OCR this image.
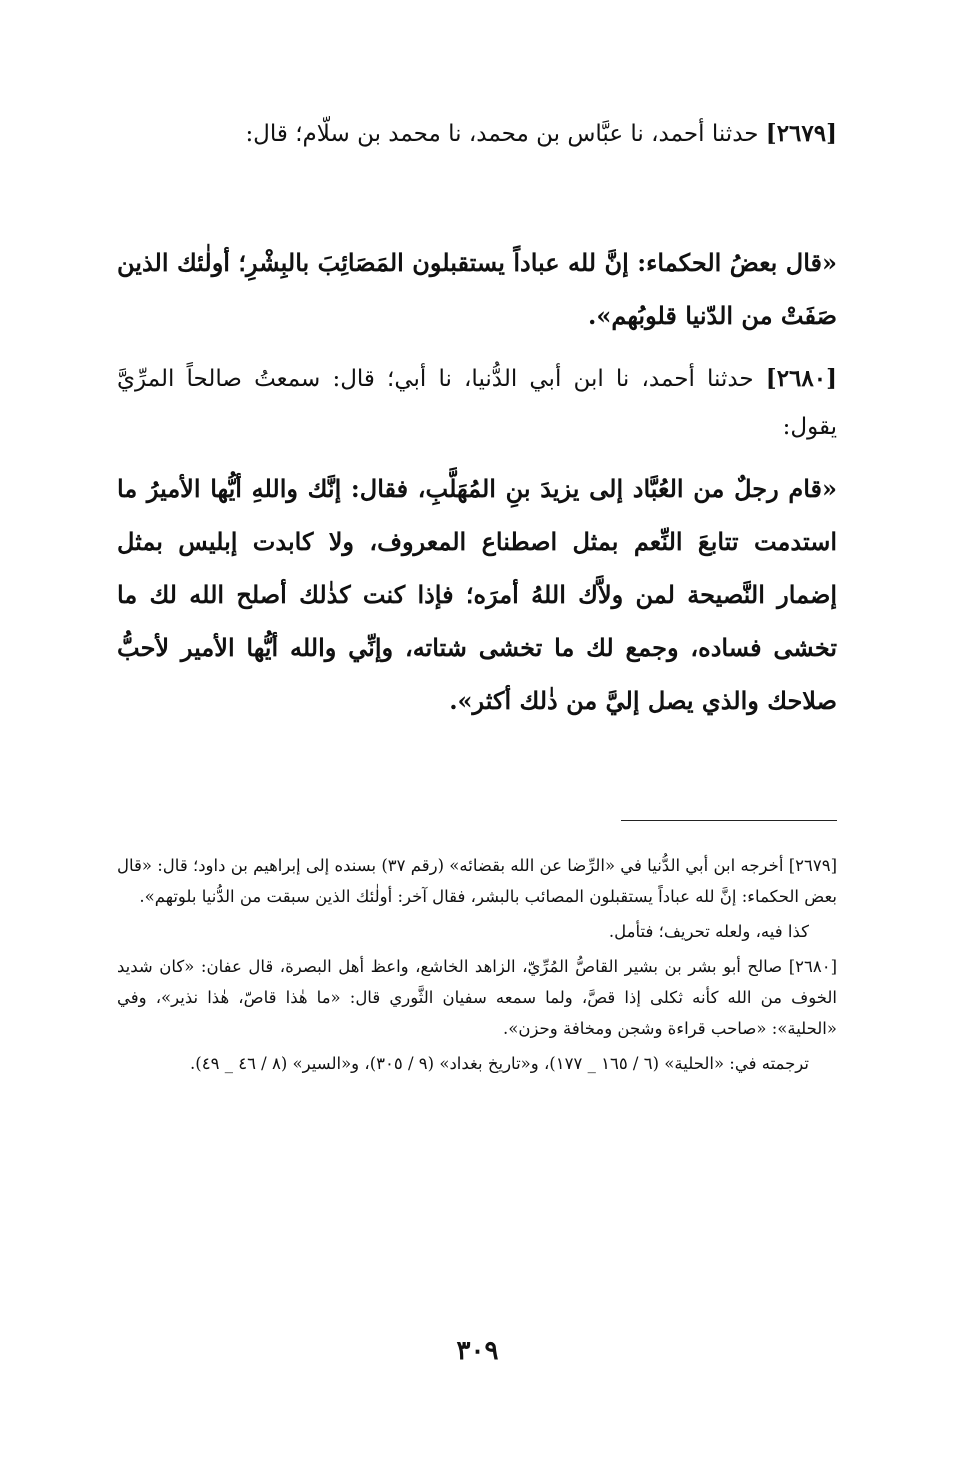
[٢٦٧٩] حدثنا أحمد، نا عبَّاس بن محمد، نا محمد بن سلّام؛ قال:

«قال بعضُ الحكماء: إنَّ لله عباداً يستقبلون المَصَائِبَ بالبِشْرِ؛ أولٰئك الذين صَفَتْ من الدّنيا قلوبُهم».

[٢٦٨٠] حدثنا أحمد، نا ابن أبي الدُّنيا، نا أبي؛ قال: سمعتُ صالحاً المرِّيَّ يقول:

«قام رجلٌ من العُبَّاد إلى يزيدَ بنِ المُهَلَّبِ، فقال: إنَّك واللهِ أيُّها الأميرُ ما استدمت تتابعَ النِّعم بمثل اصطناع المعروف، ولا كابدت إبليس بمثل إضمار النَّصيحة لمن ولاَّك اللهُ أمرَه؛ فإذا كنت كذٰلك أصلح الله لك ما تخشى فساده، وجمع لك ما تخشى شتاته، وإنِّي والله أيُّها الأمير لأحبُّ صلاحك والذي يصل إليَّ من ذٰلك أكثر».

[٢٦٧٩] أخرجه ابن أبي الدُّنيا في «الرِّضا عن الله بقضائه» (رقم ٣٧) بسنده إلى إبراهيم بن داود؛ قال: «قال بعض الحكماء: إنَّ لله عباداً يستقبلون المصائب بالبشر، فقال آخر: أولٰئك الذين سبقت من الدُّنيا بلوتهم».

كذا فيه، ولعله تحريف؛ فتأمل.

[٢٦٨٠] صالح أبو بشر بن بشير القاصُّ المُرِّيّ، الزاهد الخاشع، واعظ أهل البصرة، قال عفان: «كان شديد الخوف من الله كأنه ثكلى إذا قصَّ، ولما سمعه سفيان الثَّوري قال: «ما هٰذا قاصّ، هٰذا نذير»، وفي «الحلية»: «صاحب قراءة وشجن ومخافة وحزن».

ترجمته في: «الحلية» (٦ / ١٦٥ _ ١٧٧)، و«تاريخ بغداد» (٩ / ٣٠٥)، و«السير» (٨ / ٤٦ _ ٤٩).

٣٠٩
